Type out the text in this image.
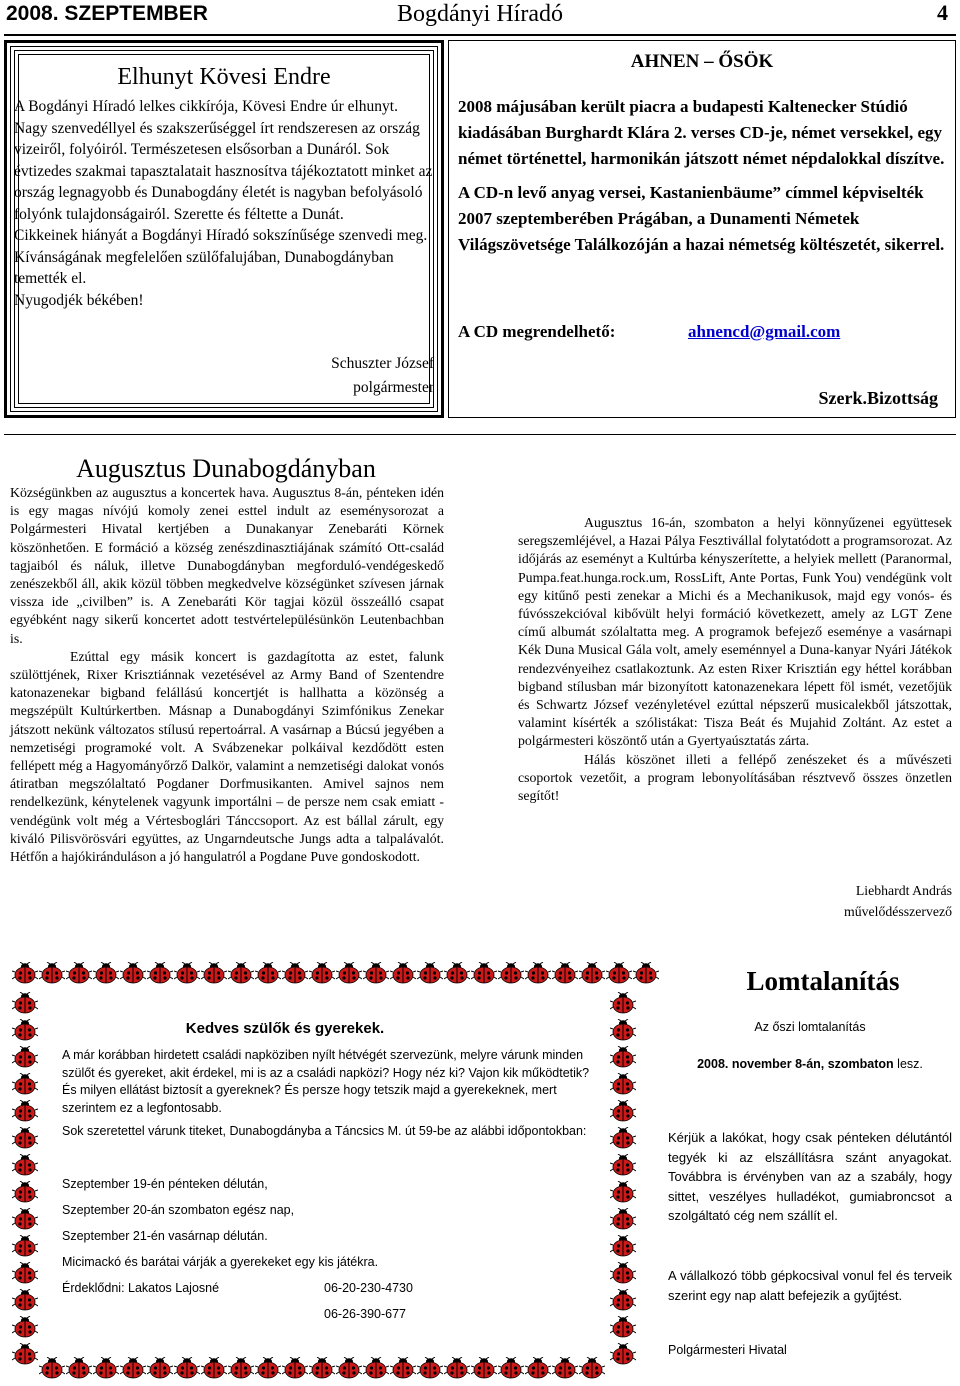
2008. SZEPTEMBER	Bogdányi Híradó	4
Elhunyt Kövesi Endre

A Bogdányi Híradó lelkes cikkírója, Kövesi Endre úr elhunyt. Nagy szenvedéllyel és szakszerűséggel írt rendszeresen az ország vizeiről, folyóiról. Természetesen elsősorban a Dunáról. Sok évtizedes szakmai tapasztalatait hasznosítva tájékoztatott minket az ország legnagyobb és Dunabogdány életét is nagyban befolyásoló folyónk tulajdonságairól. Szerette és féltette a Dunát.

Cikkeinek hiányát a Bogdányi Híradó sokszínűsége szenvedi meg.

Kívánságának megfelelően szülőfalujában, Dunabogdányban temették el.

Nyugodjék békében!

Schuszter József
polgármester
AHNEN – ŐSÖK

2008 májusában került piacra a budapesti Kaltenecker Stúdió kiadásában Burghardt Klára 2. verses CD-je, német versekkel, egy német történettel, harmonikán játszott német népdalokkal díszítve.

A CD-n levő anyag versei, Kastanienbäume” címmel képviselték 2007 szeptemberében Prágában, a Dunamenti Németek Világszövetsége Találkozóján a hazai németség költészetét, sikerrel.

A CD megrendelhető:	ahnencd@gmail.com
Szerk.Bizottság
Augusztus Dunabogdányban

Községünkben az augusztus a koncertek hava. Augusztus 8-án, pénteken idén is egy magas nívójú komoly zenei esttel indult az eseménysorozat a Polgármesteri Hivatal kertjében a Dunakanyar Zenebaráti Körnek köszönhetően. E formáció a község zenészdinasztiájának számító Ott-család tagjaiból és náluk, illetve Dunabogdányban megforduló-vendégeskedő zenészekből áll, akik közül többen megkedvelve községünket szívesen járnak vissza ide „civilben” is. A Zenebaráti Kör tagjai közül összeálló csapat egyébként nagy sikerű koncertet adott testvértelepülésünkön Leutenbachban is.

Ezúttal egy másik koncert is gazdagította az estet, falunk szülöttjének, Rixer Krisztiánnak vezetésével az Army Band of Szentendre katonazenekar bigband felállású koncertjét is hallhatta a közönség a megszépült Kultúrkertben. Másnap a Dunabogdányi Szimfónikus Zenekar játszott nekünk változatos stílusú repertoárral. A vasárnap a Búcsú jegyében a nemzetiségi programoké volt. A Svábzenekar polkáival kezdődött esten fellépett még a Hagyományőrző Dalkör, valamint a nemzetiségi dalokat vonós átiratban megszólaltató Pogdaner Dorfmusikanten. Amivel sajnos nem rendelkezünk, kénytelenek vagyunk importálni – de persze nem csak emiatt - vendégünk volt még a Vértesboglári Tánccsoport. Az est bállal zárult, egy kiváló Pilisvörösvári együttes, az Ungarndeutsche Jungs adta a talpalávalót. Hétfőn a hajókiránduláson a jó hangulatról a Pogdane Puve gondoskodott.

Augusztus 16-án, szombaton a helyi könnyűzenei együttesek seregszemléjével, a Hazai Pálya Fesztivállal folytatódott a programsorozat. Az időjárás az eseményt a Kultúrba kényszerítette, a helyiek mellett (Paranormal, Pumpa.feat.hunga.rock.um, RossLift, Ante Portas, Funk You) vendégünk volt egy kitűnő pesti zenekar a Michi és a Mechanikusok, majd egy vonós- és fúvósszekcióval kibővült helyi formáció következett, amely az LGT Zene című albumát szólaltatta meg. A programok befejező eseménye a vasárnapi Kék Duna Musical Gála volt, amely eseménnyel a Duna-kanyar Nyári Játékok rendezvényeihez csatlakoztunk. Az esten Rixer Krisztián egy héttel korábban bigband stílusban már bizonyított katonazenekara lépett föl ismét, vezetőjük és Schwartz József vezényletével ezúttal népszerű musicalekből játszottak, valamint kísérték a szólistákat: Tisza Beát és Mujahid Zoltánt. Az estet a polgármesteri köszöntő után a Gyertyaúsztatás zárta.

Hálás köszönet illeti a fellépő zenészeket és a művészeti csoportok vezetőit, a program lebonyolításában résztvevő összes önzetlen segítőt!

Liebhardt András
művelődésszervező
Kedves szülők és gyerekek.

A már korábban hirdetett családi napköziben nyílt hétvégét szervezünk, melyre várunk minden szülőt és gyereket, akit érdekel, mi is az a családi napközi? Hogy néz ki? Vajon kik működtetik? És milyen ellátást biztosít a gyereknek? És persze hogy tetszik majd a gyerekeknek, mert szerintem ez a legfontosabb.

Sok szeretettel várunk titeket, Dunabogdányba a Táncsics M. út 59-be az alábbi időpontokban:

Szeptember 19-én pénteken délután,
Szeptember 20-án szombaton egész nap,
Szeptember 21-én vasárnap délután.
Micimackó és barátai várják a gyerekeket egy kis játékra.
Érdeklődni: Lakatos Lajosné	06-20-230-4730
06-26-390-677
Lomtalanítás
Az őszi lomtalanítás
2008. november 8-án, szombaton lesz.
Kérjük a lakókat, hogy csak pénteken délutántól tegyék ki az elszállításra szánt anyagokat. Továbbra is érvényben van az a szabály, hogy sittet, veszélyes hulladékot, gumiabroncsot a szolgáltató cég nem szállít el.
A vállalkozó több gépkocsival vonul fel és terveik szerint egy nap alatt befejezik a gyűjtést.
Polgármesteri Hivatal
